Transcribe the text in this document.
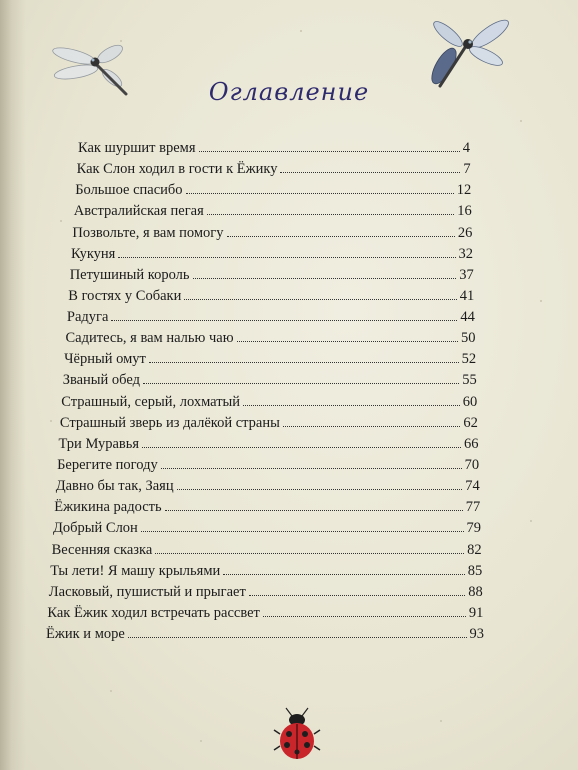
Оглавление
Как шуршит время	4
Как Слон ходил в гости к Ёжику	7
Большое спасибо	12
Австралийская пегая	16
Позвольте, я вам помогу	26
Кукуня	32
Петушиный король	37
В гостях у Собаки	41
Радуга	44
Садитесь, я вам налью чаю	50
Чёрный омут	52
Званый обед	55
Страшный, серый, лохматый	60
Страшный зверь из далёкой страны	62
Три Муравья	66
Берегите погоду	70
Давно бы так, Заяц	74
Ёжикина радость	77
Добрый Слон	79
Весенняя сказка	82
Ты лети! Я машу крыльями	85
Ласковый, пушистый и прыгает	88
Как Ёжик ходил встречать рассвет	91
Ёжик и море	93
